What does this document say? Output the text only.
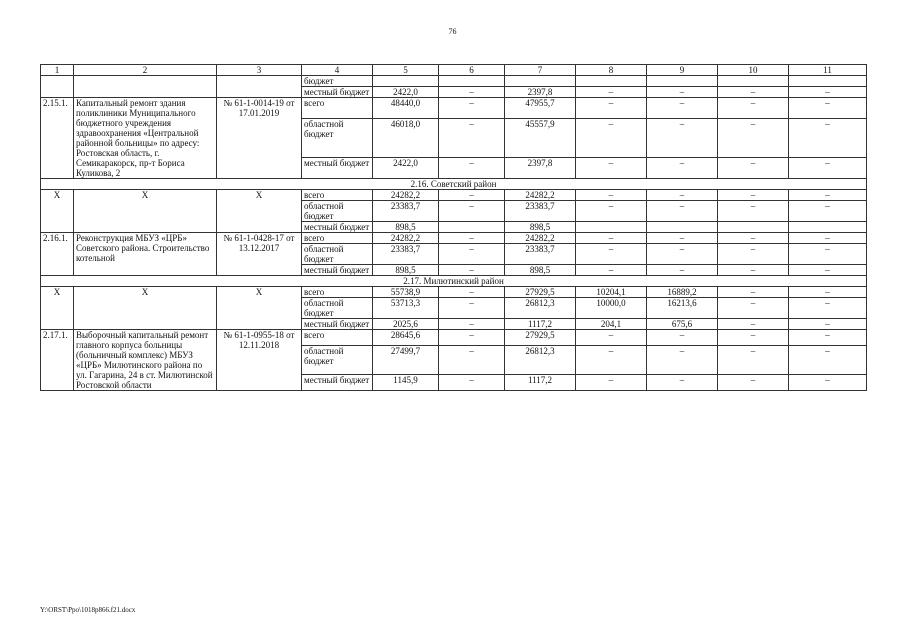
76
1	2	3	4	5	6	7	8	9	10	11
			бюджет							
			местный бюджет	2422,0	–	2397,8	–	–	–	–
2.15.1.	Капитальный ремонт здания поликлиники Муниципального бюджетного учреждения здравоохранения «Центральной районной больницы» по адресу: Ростовская область, г. Семикаракорск, пр-т Бориса Куликова, 2	№ 61-1-0014-19 от 17.01.2019	всего	48440,0	–	47955,7	–	–	–	–
			областной бюджет	46018,0	–	45557,9	–	–	–	–
			местный бюджет	2422,0	–	2397,8	–	–	–	–
2.16. Советский район										
Х	Х	Х	всего	24282,2	–	24282,2	–	–	–	–
			областной бюджет	23383,7	–	23383,7	–	–	–	–
			местный бюджет	898,5		898,5				
2.16.1.	Реконструкция МБУЗ «ЦРБ» Советского района. Строительство котельной	№ 61-1-0428-17 от 13.12.2017	всего	24282,2	–	24282,2	–	–	–	–
			областной бюджет	23383,7	–	23383,7	–	–	–	–
			местный бюджет	898,5	–	898,5	–	–	–	–
2.17. Милютинский район										
Х	Х	Х	всего	55738,9	–	27929,5	10204,1	16889,2	–	–
			областной бюджет	53713,3	–	26812,3	10000,0	16213,6	–	–
			местный бюджет	2025,6	–	1117,2	204,1	675,6	–	–
2.17.1.	Выборочный капитальный ремонт главного корпуса больницы (больничный комплекс) МБУЗ «ЦРБ» Милютинского района по ул. Гагарина, 24 в ст. Милютинской Ростовской области	№ 61-1-0955-18 от 12.11.2018	всего	28645,6	–	27929,5	–	–	–	–
			областной бюджет	27499,7	–	26812,3	–	–	–	–
			местный бюджет	1145,9	–	1117,2	–	–	–	–
Y:\ORST\Ppo\1018p866.f21.docx
